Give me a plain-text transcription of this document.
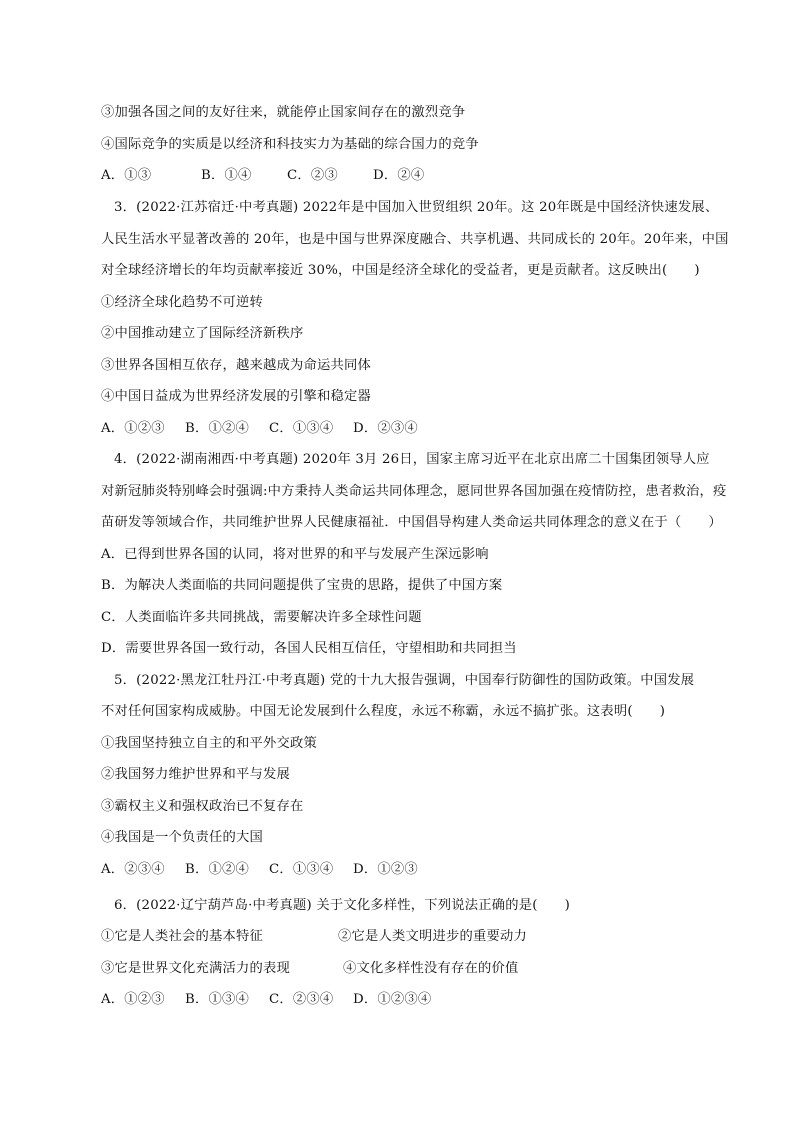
③加强各国之间的友好往来，就能停止国家间存在的激烈竞争
④国际竞争的实质是以经济和科技实力为基础的综合国力的竞争
A．①③	B．①④	C．②③	D．②④
3．(2022·江苏宿迁·中考真题) 2022年是中国加入世贸组织 20年。这 20年既是中国经济快速发展、
人民生活水平显著改善的 20年，也是中国与世界深度融合、共享机遇、共同成长的 20年。20年来，中国
对全球经济增长的年均贡献率接近 30%，中国是经济全球化的受益者，更是贡献者。这反映出(　　)
①经济全球化趋势不可逆转
②中国推动建立了国际经济新秩序
③世界各国相互依存，越来越成为命运共同体
④中国日益成为世界经济发展的引擎和稳定器
A．①②③ B．①②④ C．①③④ D．②③④
4．(2022·湖南湘西·中考真题) 2020年 3月 26日，国家主席习近平在北京出席二十国集团领导人应
对新冠肺炎特别峰会时强调:中方秉持人类命运共同体理念，愿同世界各国加强在疫情防控，患者救治，疫
苗研发等领域合作，共同维护世界人民健康福祉．中国倡导构建人类命运共同体理念的意义在于（　　）
A．已得到世界各国的认同，将对世界的和平与发展产生深远影响
B．为解决人类面临的共同问题提供了宝贵的思路，提供了中国方案
C．人类面临许多共同挑战，需要解决许多全球性问题
D．需要世界各国一致行动，各国人民相互信任，守望相助和共同担当
5．(2022·黑龙江牡丹江·中考真题) 党的十九大报告强调，中国奉行防御性的国防政策。中国发展
不对任何国家构成威胁。中国无论发展到什么程度，永远不称霸，永远不搞扩张。这表明(　　)
①我国坚持独立自主的和平外交政策
②我国努力维护世界和平与发展
③霸权主义和强权政治已不复存在
④我国是一个负责任的大国
A．②③④ B．①②④ C．①③④ D．①②③
6．(2022·辽宁葫芦岛·中考真题) 关于文化多样性，下列说法正确的是(　　)
①它是人类社会的基本特征	②它是人类文明进步的重要动力
③它是世界文化充满活力的表现	④文化多样性没有存在的价值
A．①②③ B．①③④ C．②③④ D．①②③④
